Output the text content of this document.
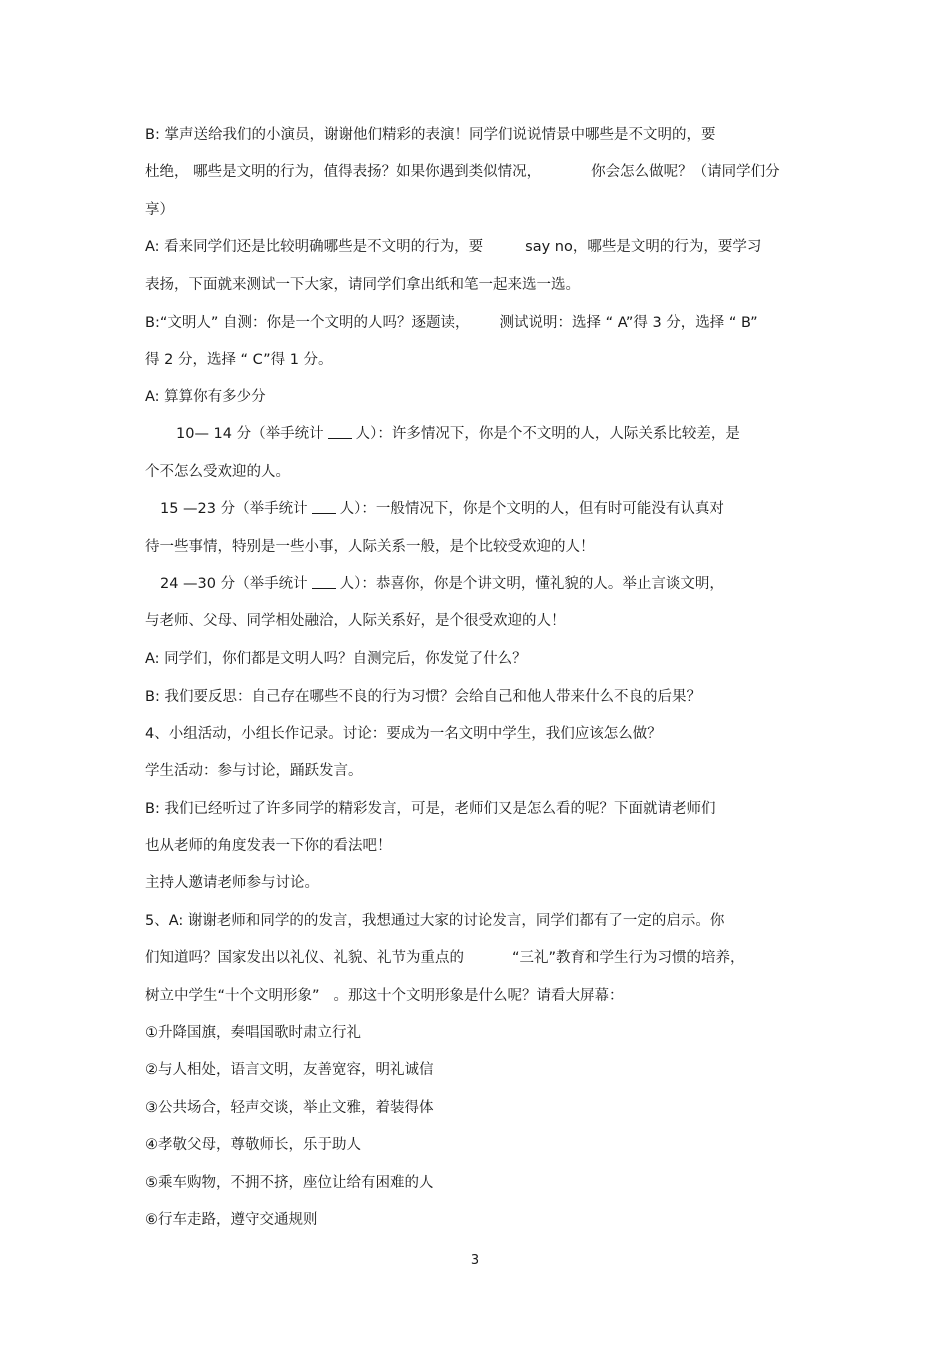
B: 掌声送给我们的小演员，谢谢他们精彩的表演！同学们说说情景中哪些是不文明的，要
杜绝， 哪些是文明的行为，值得表扬？如果你遇到类似情况，	你会怎么做呢？（请同学们分
享）
A: 看来同学们还是比较明确哪些是不文明的行为，要	say no，哪些是文明的行为，要学习
表扬，下面就来测试一下大家，请同学们拿出纸和笔一起来选一选。
B:“文明人” 自测：你是一个文明的人吗？逐题读， 测试说明：选择 “ A”得 3 分，选择 “ B”
得 2 分，选择 “ C”得 1 分。
A: 算算你有多少分
10— 14 分（举手统计 人）：许多情况下，你是个不文明的人，人际关系比较差，是
个不怎么受欢迎的人。
15 —23 分（举手统计 人）：一般情况下，你是个文明的人，但有时可能没有认真对
待一些事情，特别是一些小事，人际关系一般，是个比较受欢迎的人！
24 —30 分（举手统计 人）：恭喜你，你是个讲文明，懂礼貌的人。举止言谈文明，
与老师、父母、同学相处融洽，人际关系好，是个很受欢迎的人！
A: 同学们，你们都是文明人吗？自测完后，你发觉了什么？
B: 我们要反思：自己存在哪些不良的行为习惯？会给自己和他人带来什么不良的后果？
4、小组活动，小组长作记录。讨论：要成为一名文明中学生，我们应该怎么做？
学生活动：参与讨论，踊跃发言。
B: 我们已经听过了许多同学的精彩发言，可是，老师们又是怎么看的呢？下面就请老师们
也从老师的角度发表一下你的看法吧！
主持人邀请老师参与讨论。
5、A: 谢谢老师和同学的的发言，我想通过大家的讨论发言，同学们都有了一定的启示。你
们知道吗？国家发出以礼仪、礼貌、礼节为重点的	“三礼”教育和学生行为习惯的培养，
树立中学生“十个文明形象” 。那这十个文明形象是什么呢？请看大屏幕：
①升降国旗，奏唱国歌时肃立行礼
②与人相处，语言文明，友善宽容，明礼诚信
③公共场合，轻声交谈，举止文雅，着装得体
④孝敬父母，尊敬师长，乐于助人
⑤乘车购物，不拥不挤，座位让给有困难的人
⑥行车走路，遵守交通规则
3
